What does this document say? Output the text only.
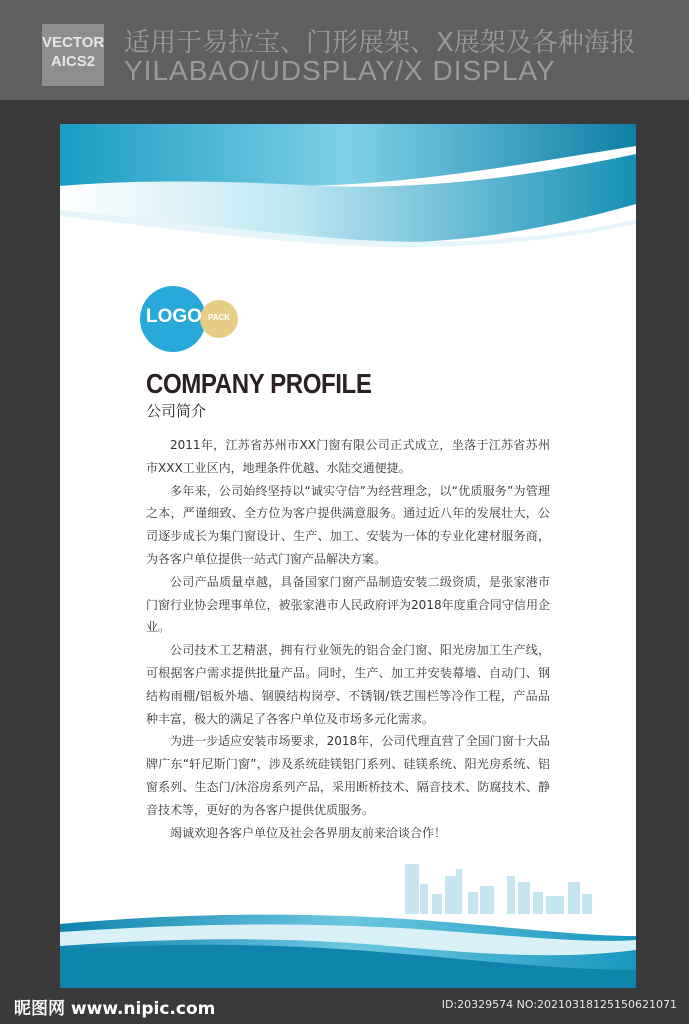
VECTOR
AICS2
适用于易拉宝、门形展架、X展架及各种海报
YILABAO/UDSPLAY/X DISPLAY
LOGO PACK
COMPANY PROFILE
公司简介

2011年，江苏省苏州市XX门窗有限公司正式成立，坐落于江苏省苏州市XXX工业区内，地理条件优越、水陆交通便捷。

多年来，公司始终坚持以“诚实守信”为经营理念，以“优质服务”为管理之本，严谨细致、全方位为客户提供满意服务。通过近八年的发展壮大，公司逐步成长为集门窗设计、生产、加工、安装为一体的专业化建材服务商，为各客户单位提供一站式门窗产品解决方案。

公司产品质量卓越，具备国家门窗产品制造安装二级资质，是张家港市门窗行业协会理事单位，被张家港市人民政府评为2018年度重合同守信用企业。

公司技术工艺精湛，拥有行业领先的铝合金门窗、阳光房加工生产线，可根据客户需求提供批量产品。同时，生产、加工并安装幕墙、自动门、钢结构雨棚/铝板外墙、钢膜结构岗亭、不锈钢/铁艺围栏等冷作工程，产品品种丰富，极大的满足了各客户单位及市场多元化需求。

为进一步适应安装市场要求，2018年，公司代理直营了全国门窗十大品牌广东“轩尼斯门窗”，涉及系统硅镁铝门系列、硅镁系统、阳光房系统、铝窗系列、生态门/沐浴房系列产品，采用断桥技术、隔音技术、防腐技术、静音技术等，更好的为各客户提供优质服务。

竭诚欢迎各客户单位及社会各界朋友前来洽谈合作！

昵图网 www.nipic.com	ID:20329574 NO:20210318125150621071
